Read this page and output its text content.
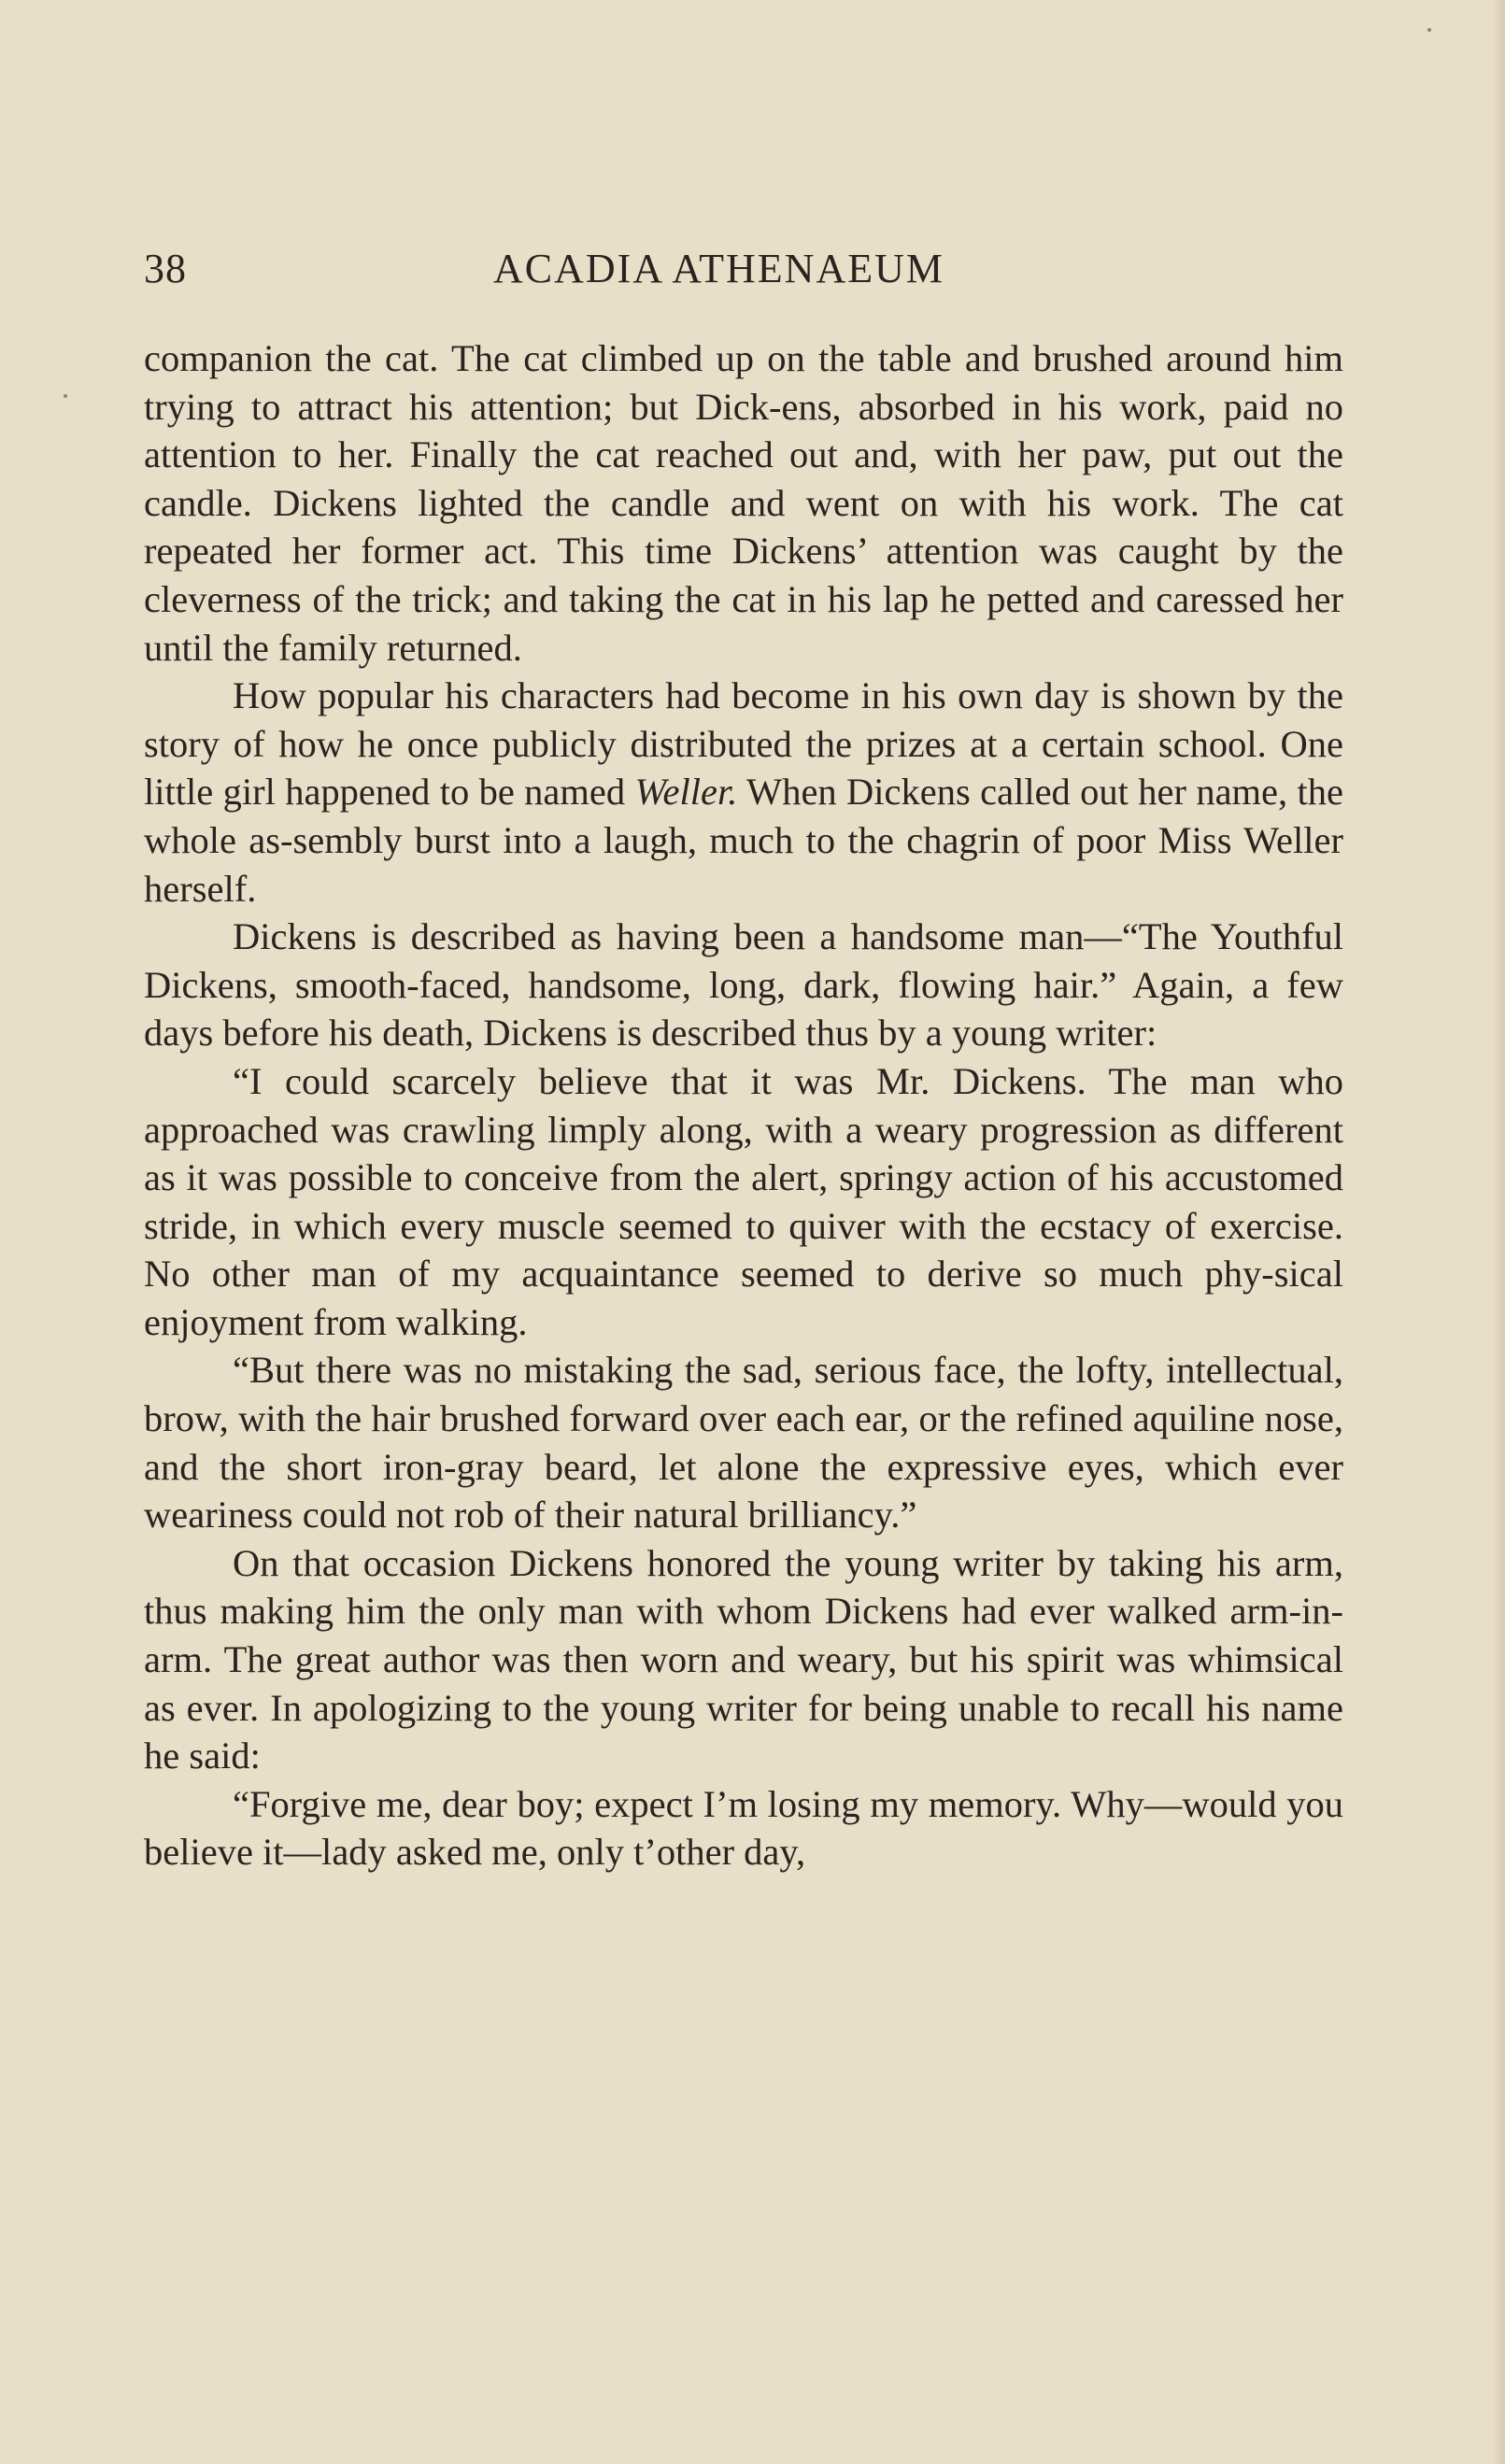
38	ACADIA ATHENAEUM

companion the cat. The cat climbed up on the table and brushed around him trying to attract his attention; but Dick-ens, absorbed in his work, paid no attention to her. Finally the cat reached out and, with her paw, put out the candle. Dickens lighted the candle and went on with his work. The cat repeated her former act. This time Dickens’ attention was caught by the cleverness of the trick; and taking the cat in his lap he petted and caressed her until the family returned.

How popular his characters had become in his own day is shown by the story of how he once publicly distributed the prizes at a certain school. One little girl happened to be named Weller. When Dickens called out her name, the whole as-sembly burst into a laugh, much to the chagrin of poor Miss Weller herself.

Dickens is described as having been a handsome man—“The Youthful Dickens, smooth-faced, handsome, long, dark, flowing hair.” Again, a few days before his death, Dickens is described thus by a young writer:

“I could scarcely believe that it was Mr. Dickens. The man who approached was crawling limply along, with a weary progression as different as it was possible to conceive from the alert, springy action of his accustomed stride, in which every muscle seemed to quiver with the ecstacy of exercise. No other man of my acquaintance seemed to derive so much phy-sical enjoyment from walking.

“But there was no mistaking the sad, serious face, the lofty, intellectual, brow, with the hair brushed forward over each ear, or the refined aquiline nose, and the short iron-gray beard, let alone the expressive eyes, which ever weariness could not rob of their natural brilliancy.”

On that occasion Dickens honored the young writer by taking his arm, thus making him the only man with whom Dickens had ever walked arm-in-arm. The great author was then worn and weary, but his spirit was whimsical as ever. In apologizing to the young writer for being unable to recall his name he said:

“Forgive me, dear boy; expect I’m losing my memory. Why—would you believe it—lady asked me, only t’other day,
